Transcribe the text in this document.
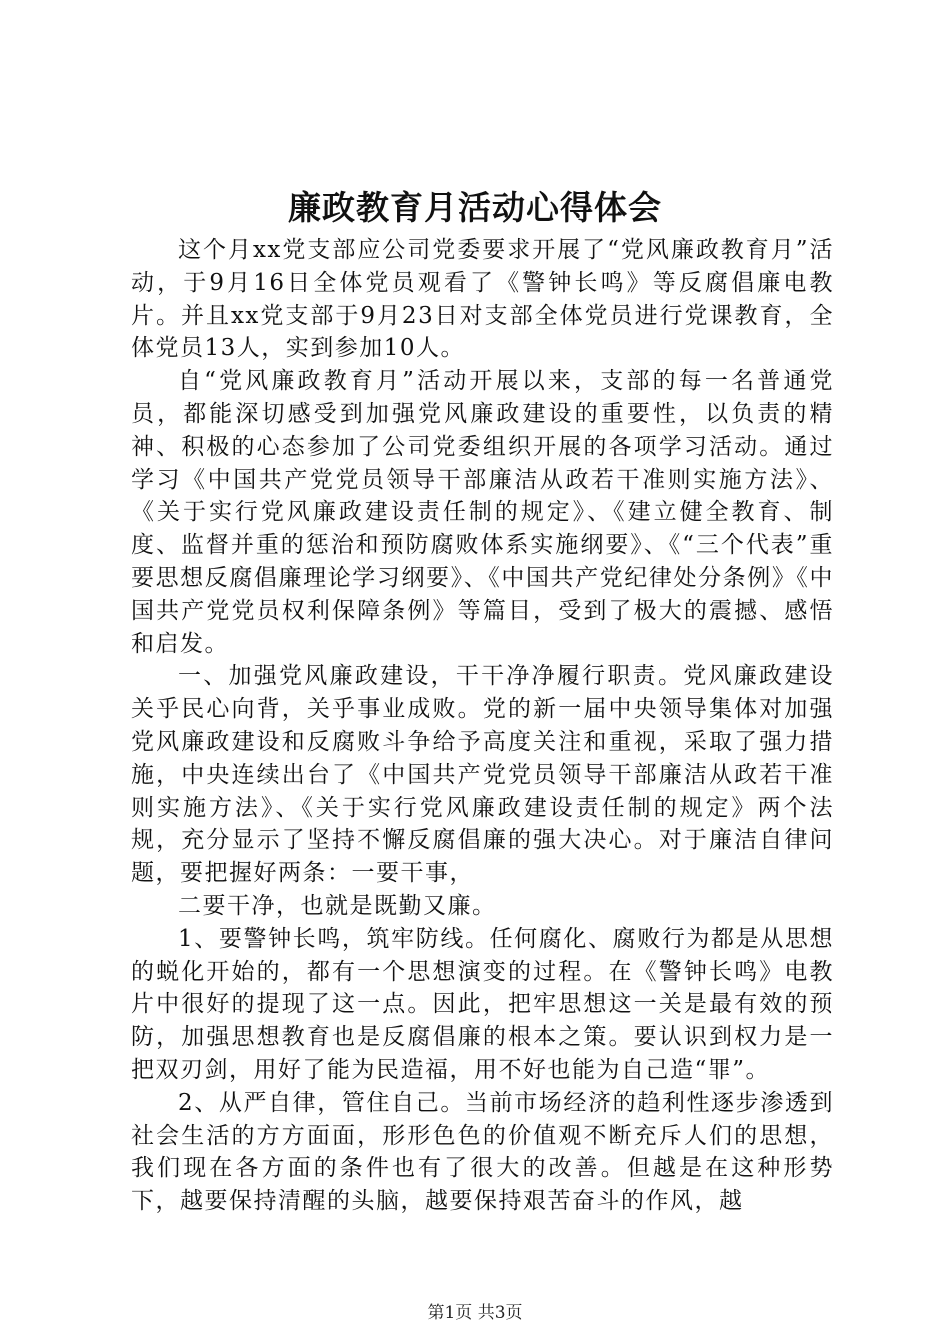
廉政教育月活动心得体会

这个月xx党支部应公司党委要求开展了“党风廉政教育月”活动，于9月16日全体党员观看了《警钟长鸣》等反腐倡廉电教片。并且xx党支部于9月23日对支部全体党员进行党课教育，全体党员13人，实到参加10人。

自“党风廉政教育月”活动开展以来，支部的每一名普通党员，都能深切感受到加强党风廉政建设的重要性，以负责的精神、积极的心态参加了公司党委组织开展的各项学习活动。通过学习《中国共产党党员领导干部廉洁从政若干准则实施方法》、《关于实行党风廉政建设责任制的规定》、《建立健全教育、制度、监督并重的惩治和预防腐败体系实施纲要》、《“三个代表”重要思想反腐倡廉理论学习纲要》、《中国共产党纪律处分条例》《中国共产党党员权利保障条例》等篇目，受到了极大的震撼、感悟和启发。

一、加强党风廉政建设，干干净净履行职责。党风廉政建设关乎民心向背，关乎事业成败。党的新一届中央领导集体对加强党风廉政建设和反腐败斗争给予高度关注和重视，采取了强力措施，中央连续出台了《中国共产党党员领导干部廉洁从政若干准则实施方法》、《关于实行党风廉政建设责任制的规定》两个法规，充分显示了坚持不懈反腐倡廉的强大决心。对于廉洁自律问题，要把握好两条：一要干事，

二要干净，也就是既勤又廉。

1、要警钟长鸣，筑牢防线。任何腐化、腐败行为都是从思想的蜕化开始的，都有一个思想演变的过程。在《警钟长鸣》电教片中很好的提现了这一点。因此，把牢思想这一关是最有效的预防，加强思想教育也是反腐倡廉的根本之策。要认识到权力是一把双刃剑，用好了能为民造福，用不好也能为自己造“罪”。

2、从严自律，管住自己。当前市场经济的趋利性逐步渗透到社会生活的方方面面，形形色色的价值观不断充斥人们的思想，我们现在各方面的条件也有了很大的改善。但越是在这种形势下，越要保持清醒的头脑，越要保持艰苦奋斗的作风，越

第1页 共3页
